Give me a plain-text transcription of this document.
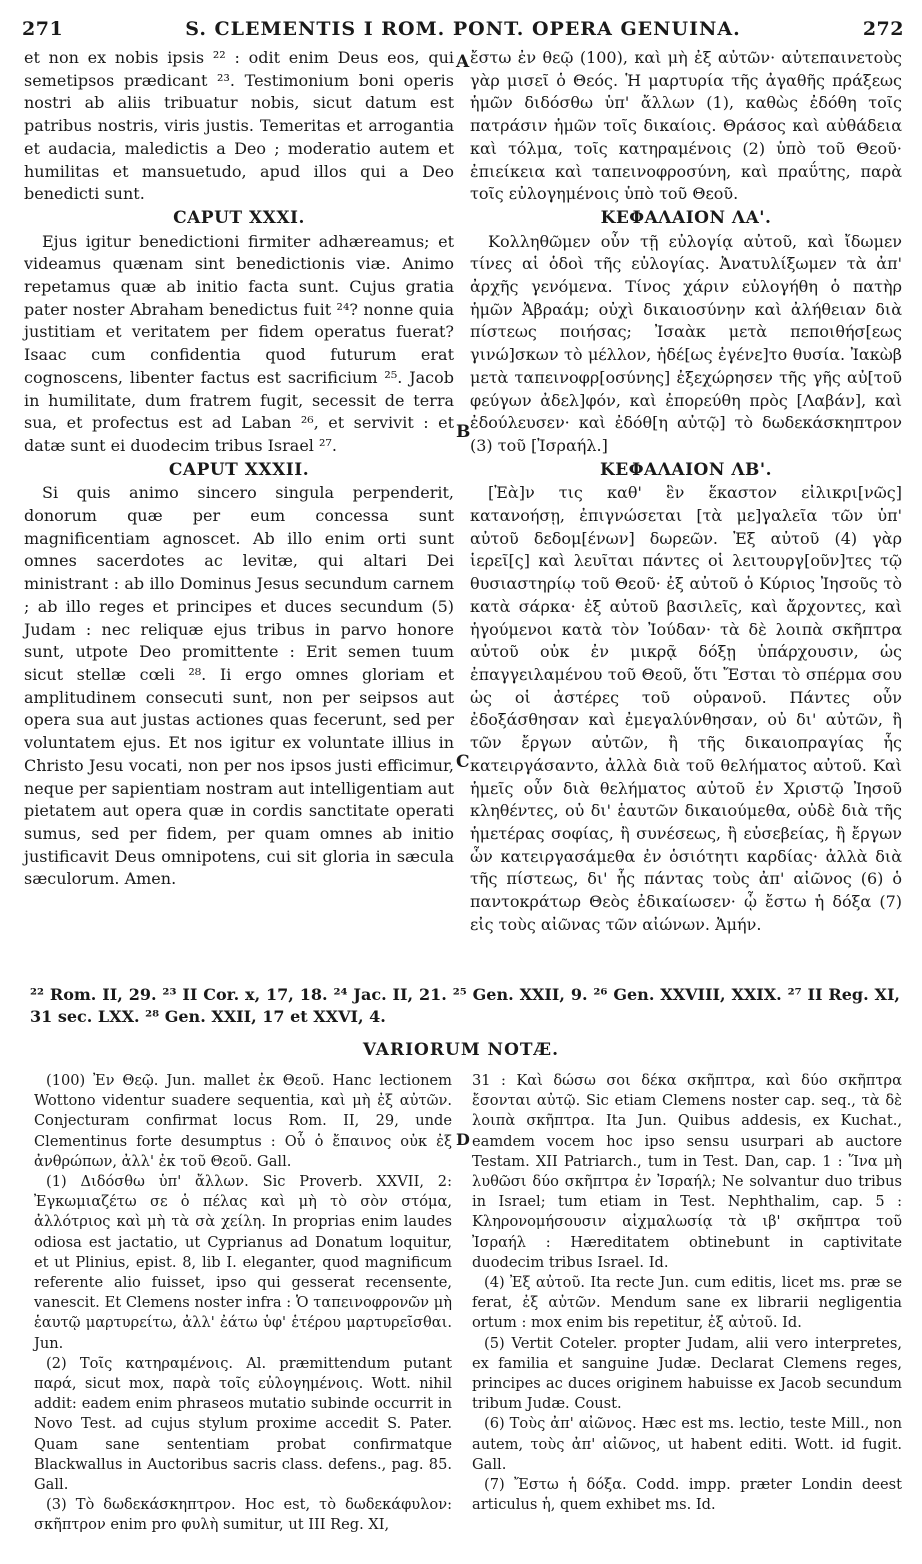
271	S. CLEMENTIS I ROM. PONT. OPERA GENUINA.	272

et non ex nobis ipsis ²² : odit enim Deus eos, qui semetipsos prædicant ²³. Testimonium boni operis nostri ab aliis tribuatur nobis, sicut datum est patribus nostris, viris justis. Temeritas et arrogantia et audacia, maledictis a Deo ; moderatio autem et humilitas et mansuetudo, apud illos qui a Deo benedicti sunt.

CAPUT XXXI.

Ejus igitur benedictioni firmiter adhæreamus; et videamus quænam sint benedictionis viæ. Animo repetamus quæ ab initio facta sunt. Cujus gratia pater noster Abraham benedictus fuit ²⁴? nonne quia justitiam et veritatem per fidem operatus fuerat? Isaac cum confidentia quod futurum erat cognoscens, libenter factus est sacrificium ²⁵. Jacob in humilitate, dum fratrem fugit, secessit de terra sua, et profectus est ad Laban ²⁶, et servivit : et datæ sunt ei duodecim tribus Israel ²⁷.

CAPUT XXXII.

Si quis animo sincero singula perpenderit, donorum quæ per eum concessa sunt magnificentiam agnoscet. Ab illo enim orti sunt omnes sacerdotes ac levitæ, qui altari Dei ministrant : ab illo Dominus Jesus secundum carnem ; ab illo reges et principes et duces secundum (5) Judam : nec reliquæ ejus tribus in parvo honore sunt, utpote Deo promittente : Erit semen tuum sicut stellæ cœli ²⁸. Ii ergo omnes gloriam et amplitudinem consecuti sunt, non per seipsos aut opera sua aut justas actiones quas fecerunt, sed per voluntatem ejus. Et nos igitur ex voluntate illius in Christo Jesu vocati, non per nos ipsos justi efficimur, neque per sapientiam nostram aut intelligentiam aut pietatem aut opera quæ in cordis sanctitate operati sumus, sed per fidem, per quam omnes ab initio justificavit Deus omnipotens, cui sit gloria in sæcula sæculorum. Amen.

ἔστω ἐν θεῷ (100), καὶ μὴ ἐξ αὐτῶν· αὐτεπαινετοὺς γὰρ μισεῖ ὁ Θεός. Ἡ μαρτυρία τῆς ἀγαθῆς πράξεως ἡμῶν διδόσθω ὑπ' ἄλλων (1), καθὼς ἐδόθη τοῖς πατράσιν ἡμῶν τοῖς δικαίοις. Θράσος καὶ αὐθάδεια καὶ τόλμα, τοῖς κατηραμένοις (2) ὑπὸ τοῦ Θεοῦ· ἐπιείκεια καὶ ταπεινοφροσύνη, καὶ πραΰτης, παρὰ τοῖς εὐλογημένοις ὑπὸ τοῦ Θεοῦ.

ΚΕΦΑΛΑΙΟΝ ΛΑ'.

Κολληθῶμεν οὖν τῇ εὐλογίᾳ αὐτοῦ, καὶ ἴδωμεν τίνες αἱ ὁδοὶ τῆς εὐλογίας. Ἀνατυλίξωμεν τὰ ἀπ' ἀρχῆς γενόμενα. Τίνος χάριν εὐλογήθη ὁ πατὴρ ἡμῶν Ἀβραάμ; οὐχὶ δικαιοσύνην καὶ ἀλήθειαν διὰ πίστεως ποιήσας; Ἰσαὰκ μετὰ πεποιθήσ[εως γινώ]σκων τὸ μέλλον, ἡδέ[ως ἐγένε]το θυσία. Ἰακὼβ μετὰ ταπεινοφρ[οσύνης] ἐξεχώρησεν τῆς γῆς αὐ[τοῦ φεύγων ἀδελ]φόν, καὶ ἐπορεύθη πρὸς [Λαβάν], καὶ ἐδούλευσεν· καὶ ἐδόθ[η αὐτῷ] τὸ δωδεκάσκηπτρον (3) τοῦ [Ἰσραήλ.]

ΚΕΦΑΛΑΙΟΝ ΛΒ'.

[Ἐὰ]ν τις καθ' ἓν ἕκαστον εἰλικρι[νῶς] κατανοήσῃ, ἐπιγνώσεται [τὰ με]γαλεῖα τῶν ὑπ' αὐτοῦ δεδομ[ένων] δωρεῶν. Ἐξ αὐτοῦ (4) γὰρ ἱερεῖ[ς] καὶ λευῖται πάντες οἱ λειτουργ[οῦν]τες τῷ θυσιαστηρίῳ τοῦ Θεοῦ· ἐξ αὐτοῦ ὁ Κύριος Ἰησοῦς τὸ κατὰ σάρκα· ἐξ αὐτοῦ βασιλεῖς, καὶ ἄρχοντες, καὶ ἡγούμενοι κατὰ τὸν Ἰούδαν· τὰ δὲ λοιπὰ σκῆπτρα αὐτοῦ οὐκ ἐν μικρᾷ δόξῃ ὑπάρχουσιν, ὡς ἐπαγγειλαμένου τοῦ Θεοῦ, ὅτι Ἔσται τὸ σπέρμα σου ὡς οἱ ἀστέρες τοῦ οὐρανοῦ. Πάντες οὖν ἐδοξάσθησαν καὶ ἐμεγαλύνθησαν, οὐ δι' αὐτῶν, ἢ τῶν ἔργων αὐτῶν, ἢ τῆς δικαιοπραγίας ἧς κατειργάσαντο, ἀλλὰ διὰ τοῦ θελήματος αὐτοῦ. Καὶ ἡμεῖς οὖν διὰ θελήματος αὐτοῦ ἐν Χριστῷ Ἰησοῦ κληθέντες, οὐ δι' ἑαυτῶν δικαιούμεθα, οὐδὲ διὰ τῆς ἡμετέρας σοφίας, ἢ συνέσεως, ἢ εὐσεβείας, ἢ ἔργων ὧν κατειργασάμεθα ἐν ὁσιότητι καρδίας· ἀλλὰ διὰ τῆς πίστεως, δι' ἧς πάντας τοὺς ἀπ' αἰῶνος (6) ὁ παντοκράτωρ Θεὸς ἐδικαίωσεν· ᾧ ἔστω ἡ δόξα (7) εἰς τοὺς αἰῶνας τῶν αἰώνων. Ἀμήν.

A
B
C
²² Rom. II, 29. ²³ II Cor. x, 17, 18. ²⁴ Jac. II, 21. ²⁵ Gen. XXII, 9. ²⁶ Gen. XXVIII, XXIX. ²⁷ II Reg. XI, 31 sec. LXX. ²⁸ Gen. XXII, 17 et XXVI, 4.
VARIORUM NOTÆ.

(100) Ἐν Θεῷ. Jun. mallet ἐκ Θεοῦ. Hanc lectionem Wottono videntur suadere sequentia, καὶ μὴ ἐξ αὐτῶν. Conjecturam confirmat locus Rom. II, 29, unde Clementinus forte desumptus : Οὗ ὁ ἔπαινος οὐκ ἐξ ἀνθρώπων, ἀλλ' ἐκ τοῦ Θεοῦ. Gall.

(1) Διδόσθω ὑπ' ἄλλων. Sic Proverb. XXVII, 2: Ἐγκωμιαζέτω σε ὁ πέλας καὶ μὴ τὸ σὸν στόμα, ἀλλότριος καὶ μὴ τὰ σὰ χείλη. In proprias enim laudes odiosa est jactatio, ut Cyprianus ad Donatum loquitur, et ut Plinius, epist. 8, lib I. eleganter, quod magnificum referente alio fuisset, ipso qui gesserat recensente, vanescit. Et Clemens noster infra : Ὁ ταπεινοφρονῶν μὴ ἑαυτῷ μαρτυρείτω, ἀλλ' ἐάτω ὑφ' ἑτέρου μαρτυρεῖσθαι. Jun.

(2) Τοῖς κατηραμένοις. Al. præmittendum putant παρά, sicut mox, παρὰ τοῖς εὐλογημένοις. Wott. nihil addit: eadem enim phraseos mutatio subinde occurrit in Novo Test. ad cujus stylum proxime accedit S. Pater. Quam sane sententiam probat confirmatque Blackwallus in Auctoribus sacris class. defens., pag. 85. Gall.

(3) Τὸ δωδεκάσκηπτρον. Hoc est, τὸ δωδεκάφυλον: σκῆπτρον enim pro φυλὴ sumitur, ut III Reg. XI,

D

31 : Καὶ δώσω σοι δέκα σκῆπτρα, καὶ δύο σκῆπτρα ἔσονται αὐτῷ. Sic etiam Clemens noster cap. seq., τὰ δὲ λοιπὰ σκῆπτρα. Ita Jun. Quibus addesis, ex Kuchat., eamdem vocem hoc ipso sensu usurpari ab auctore Testam. XII Patriarch., tum in Test. Dan, cap. 1 : Ἵνα μὴ λυθῶσι δύο σκῆπτρα ἐν Ἰσραήλ; Ne solvantur duo tribus in Israel; tum etiam in Test. Nephthalim, cap. 5 : Κληρονομήσουσιν αἰχμαλωσίᾳ τὰ ιβ' σκῆπτρα τοῦ Ἰσραήλ : Hæreditatem obtinebunt in captivitate duodecim tribus Israel. Id.

(4) Ἐξ αὐτοῦ. Ita recte Jun. cum editis, licet ms. præ se ferat, ἐξ αὐτῶν. Mendum sane ex librarii negligentia ortum : mox enim bis repetitur, ἐξ αὐτοῦ. Id.

(5) Vertit Coteler. propter Judam, alii vero interpretes, ex familia et sanguine Judæ. Declarat Clemens reges, principes ac duces originem habuisse ex Jacob secundum tribum Judæ. Coust.

(6) Τοὺς ἀπ' αἰῶνος. Hæc est ms. lectio, teste Mill., non autem, τοὺς ἀπ' αἰῶνος, ut habent editi. Wott. id fugit. Gall.

(7) Ἔστω ἡ δόξα. Codd. impp. præter Londin deest articulus ἡ, quem exhibet ms. Id.
